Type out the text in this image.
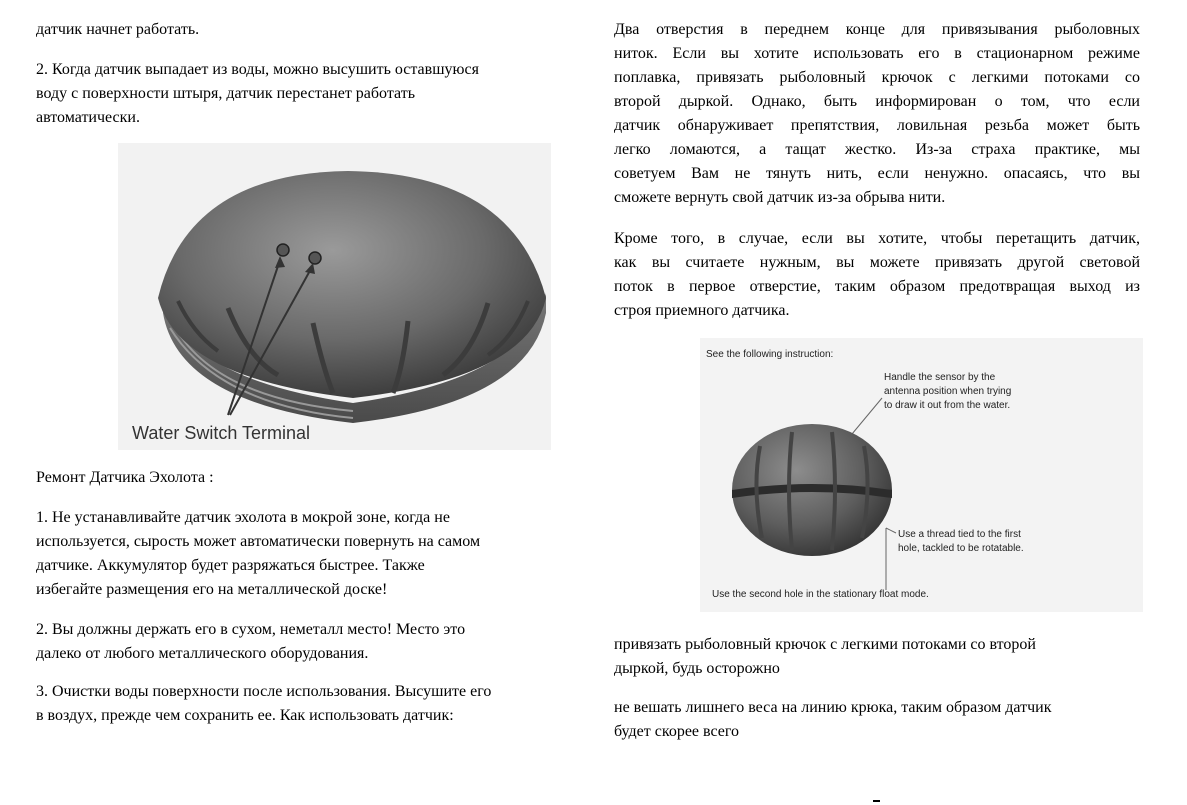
датчик начнет работать.

2. Когда датчик выпадает из воды, можно высушить оставшуюся

воду с поверхности штыря, датчик перестанет работать

автоматически.

Water Switch Terminal

Ремонт Датчика Эхолота :

1. Не устанавливайте датчик эхолота в мокрой зоне, когда не

используется, сырость может автоматически повернуть на самом

датчике. Аккумулятор будет разряжаться быстрее. Также

избегайте размещения его на металлической доске!

2. Вы должны держать его в сухом, неметалл место! Место это

далеко от любого металлического оборудования.

3. Очистки воды поверхности после использования. Высушите его

в воздух, прежде чем сохранить ее. Как использовать датчик:

Два отверстия в переднем конце для привязывания рыболовных

ниток. Если вы хотите использовать его в стационарном режиме

поплавка, привязать рыболовный крючок с легкими потоками со

второй дыркой. Однако, быть информирован о том, что если

датчик обнаруживает препятствия, ловильная резьба может быть

легко ломаются, а тащат жестко. Из-за страха практике, мы

советуем Вам не тянуть нить, если ненужно. опасаясь, что вы

сможете вернуть свой датчик из-за обрыва нити.

Кроме того, в случае, если вы хотите, чтобы перетащить датчик,

как вы считаете нужным, вы можете привязать другой световой

поток в первое отверстие, таким образом предотвращая выход из

строя приемного датчика.

See the following instruction:
Handle the sensor by the
antenna position when trying
to draw it out from the water.
Use a thread tied to the first
hole, tackled to be rotatable.
Use the second hole in the stationary float mode.

привязать рыболовный крючок с легкими потоками со второй

дыркой, будь осторожно

не вешать лишнего веса на линию крюка, таким образом датчик

будет скорее всего
